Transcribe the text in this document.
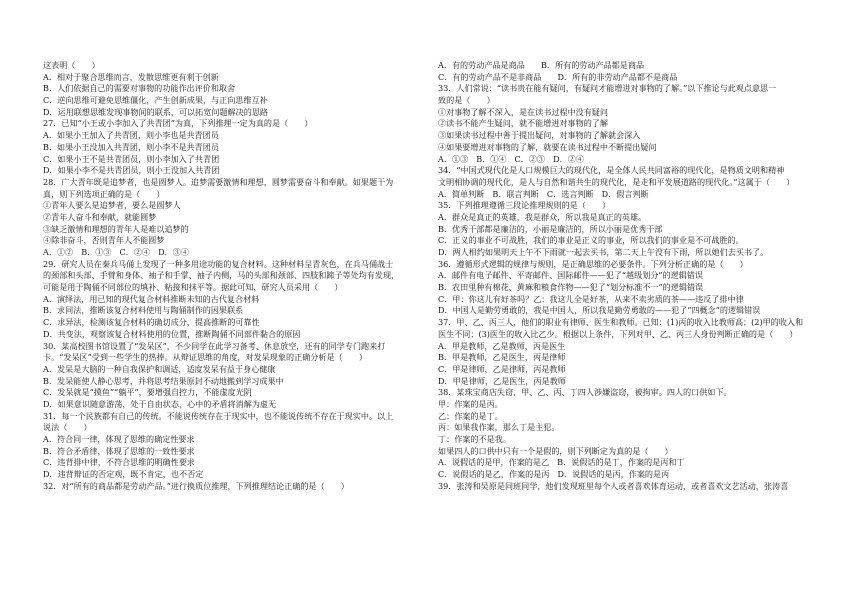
这表明（　　）
A．相对于聚合思维而言，发散思维更有利于创新
B．人们依据自己的需要对事物的功能作出评价和取舍
C．逆向思维可避免思维僵化，产生创新成果，与正向思维互补
D．运用联想思维发现事物间的联系，可以拓宽问题解决的思路
27．已知“小王或小李加入了共青团”为真，下列推理一定为真的是（　　）
A．如果小王加入了共青团，则小李也是共青团员
B．如果小王没加入共青团，则小李不是共青团员
C．如果小王不是共青团员，则小李加入了共青团
D．如果小李不是共青团员，则小王没加入共青团
28．广大青年既是追梦者，也是圆梦人。追梦需要激情和理想，圆梦需要奋斗和奉献。如果题干为
真，则下列选项正确的是（　　）
①青年人要么是追梦者，要么是圆梦人
②青年人奋斗和奉献，就能圆梦
③缺乏激情和理想的青年人是难以追梦的
④除非奋斗，否则青年人不能圆梦
A．①②　B．①③　C．②④　D．③④
29．研究人员在秦兵马俑上发现了一种多用途功能的复合材料。这种材料呈青灰色，在兵马俑战士
的颈部和头部、手臂和身体、袖子和手掌、袖子内侧，马的头部和颈部、四肢和蹄子等处均有发现，
可能是用于陶俑不同部位的填补、粘接和抹平等。据此可知，研究人员采用（　　）
A．演绎法，用已知的现代复合材料推断未知的古代复合材料
B．求同法，推断该复合材料使用与陶俑制作的因果联系
C．求异法，检测该复合材料的确切成分，提高推断的可靠性
D．共变法，观察该复合材料使用的位置，推断陶俑不同部件黏合的原因
30．某高校图书馆设置了“发呆区”，不少同学在此学习备考、休息放空，还有的同学专门跑来打
卡。“发呆区”受到一些学生的热捧。从辩证思维的角度，对发呆现象的正确分析是（　　）
A．发呆是大脑的一种自我保护和调适，适度发呆有益于身心健康
B．发呆能使人静心思考，并将思考结果原封不动地搬到学习成果中
C．发呆就是“摸鱼”“躺平”，要增强自控力，不能虚度光阴
D．如果意识随意游荡，处于自由状态，心中的矛盾将消解为虚无
31．每一个民族都有自己的传统。不能说传统存在于现实中，也不能说传统不存在于现实中。以上
说法（　　）
A．符合同一律，体现了思维的确定性要求
B．符合矛盾律，体现了思维的一致性要求
C．违背排中律，不符合思维的明确性要求
D．违背辩证的否定观，既不肯定，也不否定
32．对“所有的商品都是劳动产品。”进行换质位推理，下列推理结论正确的是（　　）
A．有的劳动产品是商品　　B．所有的劳动产品都是商品
C．有的劳动产品不是非商品　　D．所有的非劳动产品都不是商品
33．人们常说：“读书贵在能有疑问，有疑问才能增进对事物的了解。”以下推论与此观点意思一
致的是（　　）
①对事物了解不深入，是在读书过程中没有疑问
②读书不能产生疑问，就不能增进对事物的了解
③如果读书过程中善于提出疑问，对事物的了解就会深入
④如果要增进对事物的了解，就要在读书过程中不断提出疑问
A．①③　B．①④　C．②③　D．②④
34．“中国式现代化是人口规模巨大的现代化，是全体人民共同富裕的现代化，是物质文明和精神
文明相协调的现代化，是人与自然和谐共生的现代化，是走和平发展道路的现代化。”这属于（　　）
A．简单判断　B．联言判断　C．选言判断　D．假言判断
35．下列推理遵循三段论推理规则的是（　　）
A．群众是真正的英雄，我是群众，所以我是真正的英雄。
B．优秀干部都是廉洁的，小丽是廉洁的，所以小丽是优秀干部
C．正义的事业不可战胜，我们的事业是正义的事业，所以我们的事业是不可战胜的。
D．两人相约如果明天上午不下雨就一起去买书，第二天上午没有下雨，所以她们去买书了。
36．遵循形式逻辑的规律与规则，是正确思维的必要条件。下列分析正确的是（　　）
A．邮件有电子邮件、平寄邮件、国际邮件——犯了“越级划分”的逻辑错误
B．农田里种有棉花、黄麻和粮食作物——犯了“划分标准不一”的逻辑错误
C．甲：你这儿有好茶吗？乙：我这儿全是好茶，从来不卖劣质的茶——违反了排中律
D．中国人是勤劳勇敢的，我是中国人，所以我是勤劳勇敢的——犯了“四概念”的逻辑错误
37．甲、乙、丙三人，他们的职业有律师、医生和教师。已知：(1)丙的收入比教师高；(2)甲的收入和
医生不同；(3)医生的收入比乙少。根据以上条件，下列对甲、乙、丙三人身份判断正确的是（　　）
A．甲是教师，乙是教师，丙是医生
B．甲是教师，乙是医生，丙是律师
C．甲是律师，乙是律师，丙是教师
D．甲是律师，乙是医生，丙是教师
38．某珠宝商店失窃，甲、乙、丙、丁四人涉嫌盗窃，被拘审。四人的口供如下。
甲：作案的是丙。
乙：作案的是丁。
丙：如果我作案，那么丁是主犯。
丁：作案的不是我。
如果四人的口供中只有一个是假的，则下列断定为真的是（　　）
A．说假话的是甲，作案的是乙　B．说假话的是丁，作案的是丙和丁
C．说假话的是乙，作案的是丙　D．说假话的是丙，作案的是丙
39．张涛和吴原是同班同学，他们发现班里每个人或者喜欢体育运动，或者喜欢文艺活动，张涛喜
